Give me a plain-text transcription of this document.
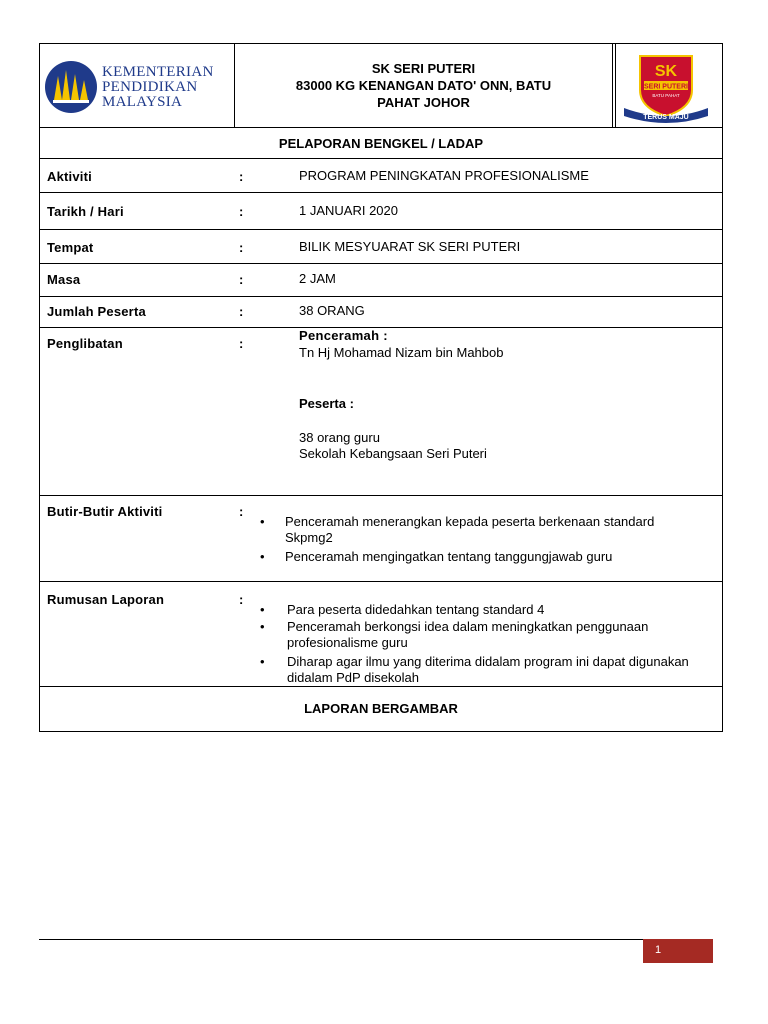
KEMENTERIAN
PENDIDIKAN
MALAYSIA
SK SERI PUTERI
83000 KG KENANGAN DATO' ONN, BATU
PAHAT JOHOR
SK
SERI PUTERI
BATU PAHAT
TERUS MAJU
1946	2005
PELAPORAN BENGKEL / LADAP
Aktiviti	:	PROGRAM PENINGKATAN PROFESIONALISME
Tarikh / Hari	:	1 JANUARI 2020
Tempat	:	BILIK MESYUARAT SK SERI PUTERI
Masa	:	2 JAM
Jumlah Peserta	:	38 ORANG
Penglibatan	:
Penceramah :
Tn Hj Mohamad Nizam bin Mahbob
Peserta :
38 orang guru
Sekolah Kebangsaan Seri Puteri
Butir-Butir Aktiviti	:
• Penceramah menerangkan kepada peserta berkenaan standard Skpmg2
• Penceramah mengingatkan tentang tanggungjawab guru
Rumusan Laporan	:
• Para peserta didedahkan tentang standard 4
• Penceramah berkongsi idea dalam meningkatkan penggunaan profesionalisme guru
• Diharap agar ilmu yang diterima didalam program ini dapat digunakan didalam PdP disekolah
LAPORAN BERGAMBAR
1
